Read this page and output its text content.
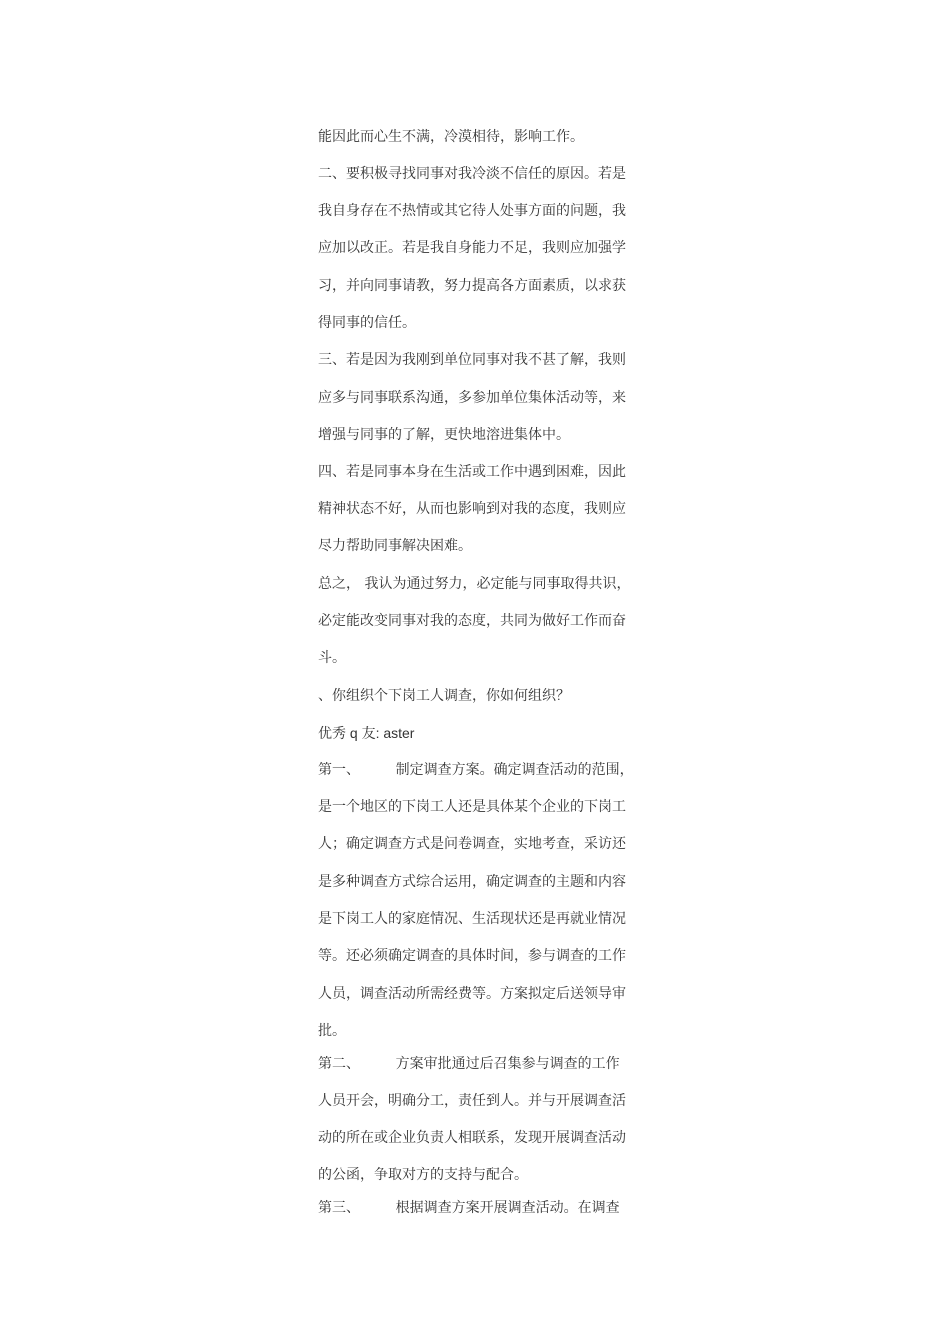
能因此而心生不满，冷漠相待，影响工作。
二、要积极寻找同事对我冷淡不信任的原因。若是
我自身存在不热情或其它待人处事方面的问题，我
应加以改正。若是我自身能力不足，我则应加强学
习，并向同事请教，努力提高各方面素质，以求获
得同事的信任。
三、若是因为我刚到单位同事对我不甚了解，我则
应多与同事联系沟通，多参加单位集体活动等，来
增强与同事的了解，更快地溶进集体中。
四、若是同事本身在生活或工作中遇到困难，因此
精神状态不好，从而也影响到对我的态度，我则应
尽力帮助同事解决困难。
总之， 我认为通过努力，必定能与同事取得共识，
必定能改变同事对我的态度，共同为做好工作而奋
斗。
、你组织个下岗工人调查，你如何组织？
优秀 q 友: aster
第一、        制定调查方案。确定调查活动的范围，
是一个地区的下岗工人还是具体某个企业的下岗工
人；确定调查方式是问卷调查，实地考查，采访还
是多种调查方式综合运用，确定调查的主题和内容
是下岗工人的家庭情况、生活现状还是再就业情况
等。还必须确定调查的具体时间，参与调查的工作
人员，调查活动所需经费等。方案拟定后送领导审
批。
第二、        方案审批通过后召集参与调查的工作
人员开会，明确分工，责任到人。并与开展调查活
动的所在或企业负责人相联系，发现开展调查活动
的公函，争取对方的支持与配合。
第三、        根据调查方案开展调查活动。在调查
